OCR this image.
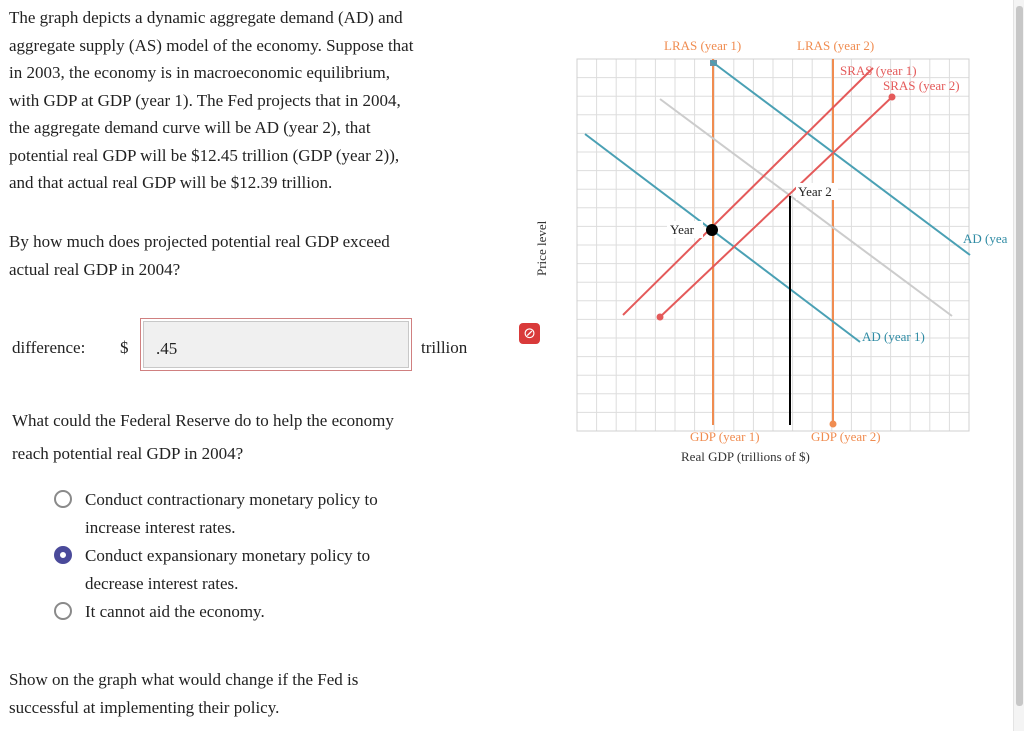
The graph depicts a dynamic aggregate demand (AD) and

aggregate supply (AS) model of the economy. Suppose that

in 2003, the economy is in macroeconomic equilibrium,

with GDP at GDP (year 1). The Fed projects that in 2004,

the aggregate demand curve will be AD (year 2), that

potential real GDP will be $12.45 trillion (GDP (year 2)),

and that actual real GDP will be $12.39 trillion.

By how much does projected potential real GDP exceed
actual real GDP in 2004?
difference: $ .45
⊘
trillion
What could the Federal Reserve do to help the economy
reach potential real GDP in 2004?
Conduct contractionary monetary policy to
increase interest rates.
Conduct expansionary monetary policy to
decrease interest rates.
It cannot aid the economy.
Show on the graph what would change if the Fed is
successful at implementing their policy.
LRAS (year 1)	LRAS (year 2)
SRAS (year 1)
SRAS (year 2)
AD (yea
AD (year 1)
GDP (year 1)	GDP (year 2)
Real GDP (trillions of $)
Price level	Year
Year 2
